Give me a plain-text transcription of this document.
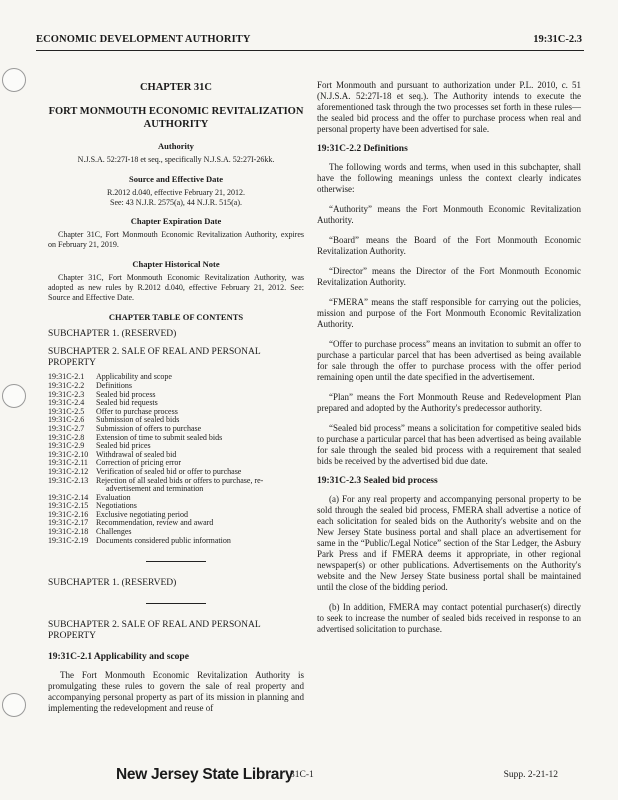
ECONOMIC DEVELOPMENT AUTHORITY	19:31C-2.3
CHAPTER 31C
FORT MONMOUTH ECONOMIC REVITALIZATION AUTHORITY
Authority
N.J.S.A. 52:27I-18 et seq., specifically N.J.S.A. 52:27I-26kk.
Source and Effective Date
R.2012 d.040, effective February 21, 2012.
See: 43 N.J.R. 2575(a), 44 N.J.R. 515(a).
Chapter Expiration Date
Chapter 31C, Fort Monmouth Economic Revitalization Authority, expires on February 21, 2019.
Chapter Historical Note
Chapter 31C, Fort Monmouth Economic Revitalization Authority, was adopted as new rules by R.2012 d.040, effective February 21, 2012. See: Source and Effective Date.
CHAPTER TABLE OF CONTENTS
SUBCHAPTER 1. (RESERVED)
SUBCHAPTER 2. SALE OF REAL AND PERSONAL PROPERTY
19:31C-2.1	Applicability and scope
19:31C-2.2	Definitions
19:31C-2.3	Sealed bid process
19:31C-2.4	Sealed bid requests
19:31C-2.5	Offer to purchase process
19:31C-2.6	Submission of sealed bids
19:31C-2.7	Submission of offers to purchase
19:31C-2.8	Extension of time to submit sealed bids
19:31C-2.9	Sealed bid prices
19:31C-2.10 Withdrawal of sealed bid
19:31C-2.11	Correction of pricing error
19:31C-2.12 Verification of sealed bid or offer to purchase
19:31C-2.13 Rejection of all sealed bids or offers to purchase, re-
advertisement and termination
19:31C-2.14 Evaluation
19:31C-2.15 Negotiations
19:31C-2.16 Exclusive negotiating period
19:31C-2.17 Recommendation, review and award
19:31C-2.18 Challenges
19:31C-2.19 Documents considered public information
SUBCHAPTER 1. (RESERVED)
SUBCHAPTER 2. SALE OF REAL AND PERSONAL PROPERTY
19:31C-2.1 Applicability and scope
The Fort Monmouth Economic Revitalization Authority is promulgating these rules to govern the sale of real property and accompanying personal property as part of its mission in planning and implementing the redevelopment and reuse of
Fort Monmouth and pursuant to authorization under P.L. 2010, c. 51 (N.J.S.A. 52:27I-18 et seq.). The Authority intends to execute the aforementioned task through the two processes set forth in these rules—the sealed bid process and the offer to purchase process when real and personal property have been advertised for sale.
19:31C-2.2 Definitions
The following words and terms, when used in this subchapter, shall have the following meanings unless the context clearly indicates otherwise:
“Authority” means the Fort Monmouth Economic Revitalization Authority.
“Board” means the Board of the Fort Monmouth Economic Revitalization Authority.
“Director” means the Director of the Fort Monmouth Economic Revitalization Authority.
“FMERA” means the staff responsible for carrying out the policies, mission and purpose of the Fort Monmouth Economic Revitalization Authority.
“Offer to purchase process” means an invitation to submit an offer to purchase a particular parcel that has been advertised as being available for sale through the offer to purchase process with the offer period remaining open until the date specified in the advertisement.
“Plan” means the Fort Monmouth Reuse and Redevelopment Plan prepared and adopted by the Authority's predecessor authority.
“Sealed bid process” means a solicitation for competitive sealed bids to purchase a particular parcel that has been advertised as being available for sale through the sealed bid process with a requirement that sealed bids be received by the advertised bid due date.
19:31C-2.3 Sealed bid process
(a) For any real property and accompanying personal property to be sold through the sealed bid process, FMERA shall advertise a notice of each solicitation for sealed bids on the Authority's website and on the New Jersey State business portal and shall place an advertisement for same in the “Public/Legal Notice” section of the Star Ledger, the Asbury Park Press and if FMERA deems it appropriate, in other regional newspaper(s) or other publications. Advertisements on the Authority's website and the New Jersey State business portal shall be maintained until the close of the bidding period.
(b) In addition, FMERA may contact potential purchaser(s) directly to seek to increase the number of sealed bids received in response to an advertised solicitation to purchase.
New Jersey State Library
31C-1	Supp. 2-21-12
